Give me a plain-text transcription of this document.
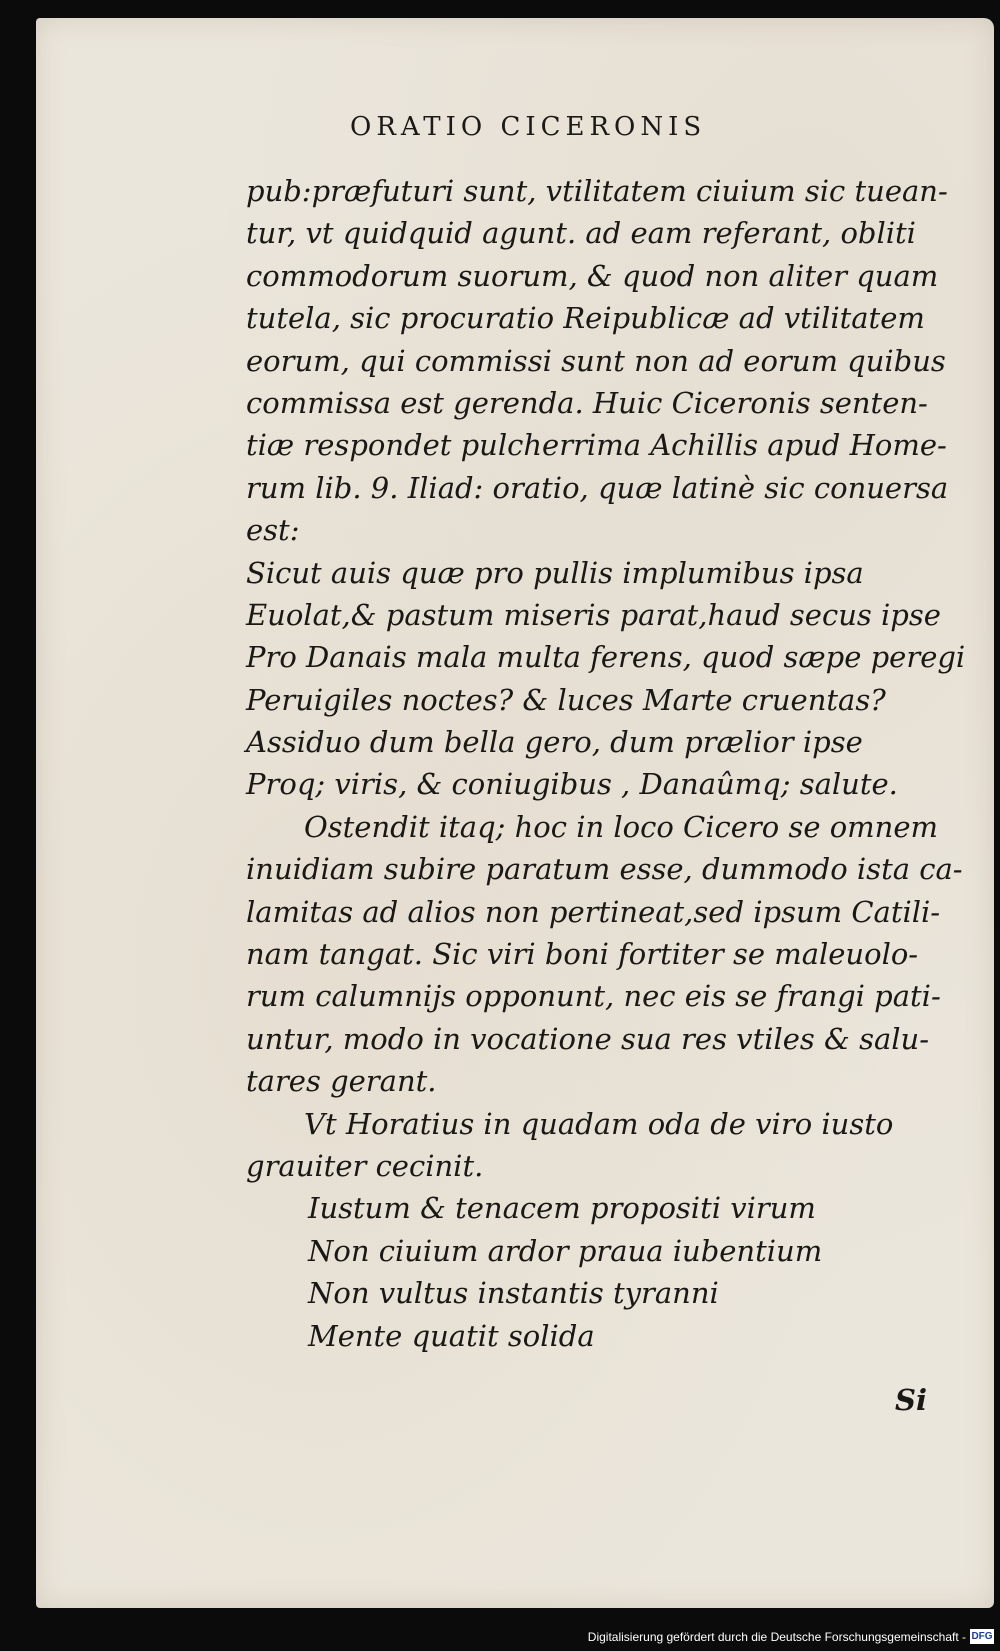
ORATIO CICERONIS
pub:præfuturi sunt, vtilitatem ciuium sic tuean-
tur, vt quidquid agunt. ad eam referant, obliti
commodorum suorum, & quod non aliter quam
tutela, sic procuratio Reipublicæ ad vtilitatem
eorum, qui commissi sunt non ad eorum quibus
commissa est gerenda. Huic Ciceronis senten-
tiæ respondet pulcherrima Achillis apud Home-
rum lib. 9. Iliad: oratio, quæ latinè sic conuersa
est:
Sicut auis quæ pro pullis implumibus ipsa
Euolat,& pastum miseris parat,haud secus ipse
Pro Danais mala multa ferens, quod sæpe peregi
Peruigiles noctes? & luces Marte cruentas?
Assiduo dum bella gero, dum prælior ipse
Proq; viris, & coniugibus , Danaûmq; salute.
Ostendit itaq; hoc in loco Cicero se omnem
inuidiam subire paratum esse, dummodo ista ca-
lamitas ad alios non pertineat,sed ipsum Catili-
nam tangat. Sic viri boni fortiter se maleuolo-
rum calumnijs opponunt, nec eis se frangi pati-
untur, modo in vocatione sua res vtiles & salu-
tares gerant.
Vt Horatius in quadam oda de viro iusto
grauiter cecinit.
Iustum & tenacem propositi virum
Non ciuium ardor praua iubentium
Non vultus instantis tyranni
Mente quatit solida
Si
Digitalisierung gefördert durch die Deutsche Forschungsgemeinschaft - DFG
